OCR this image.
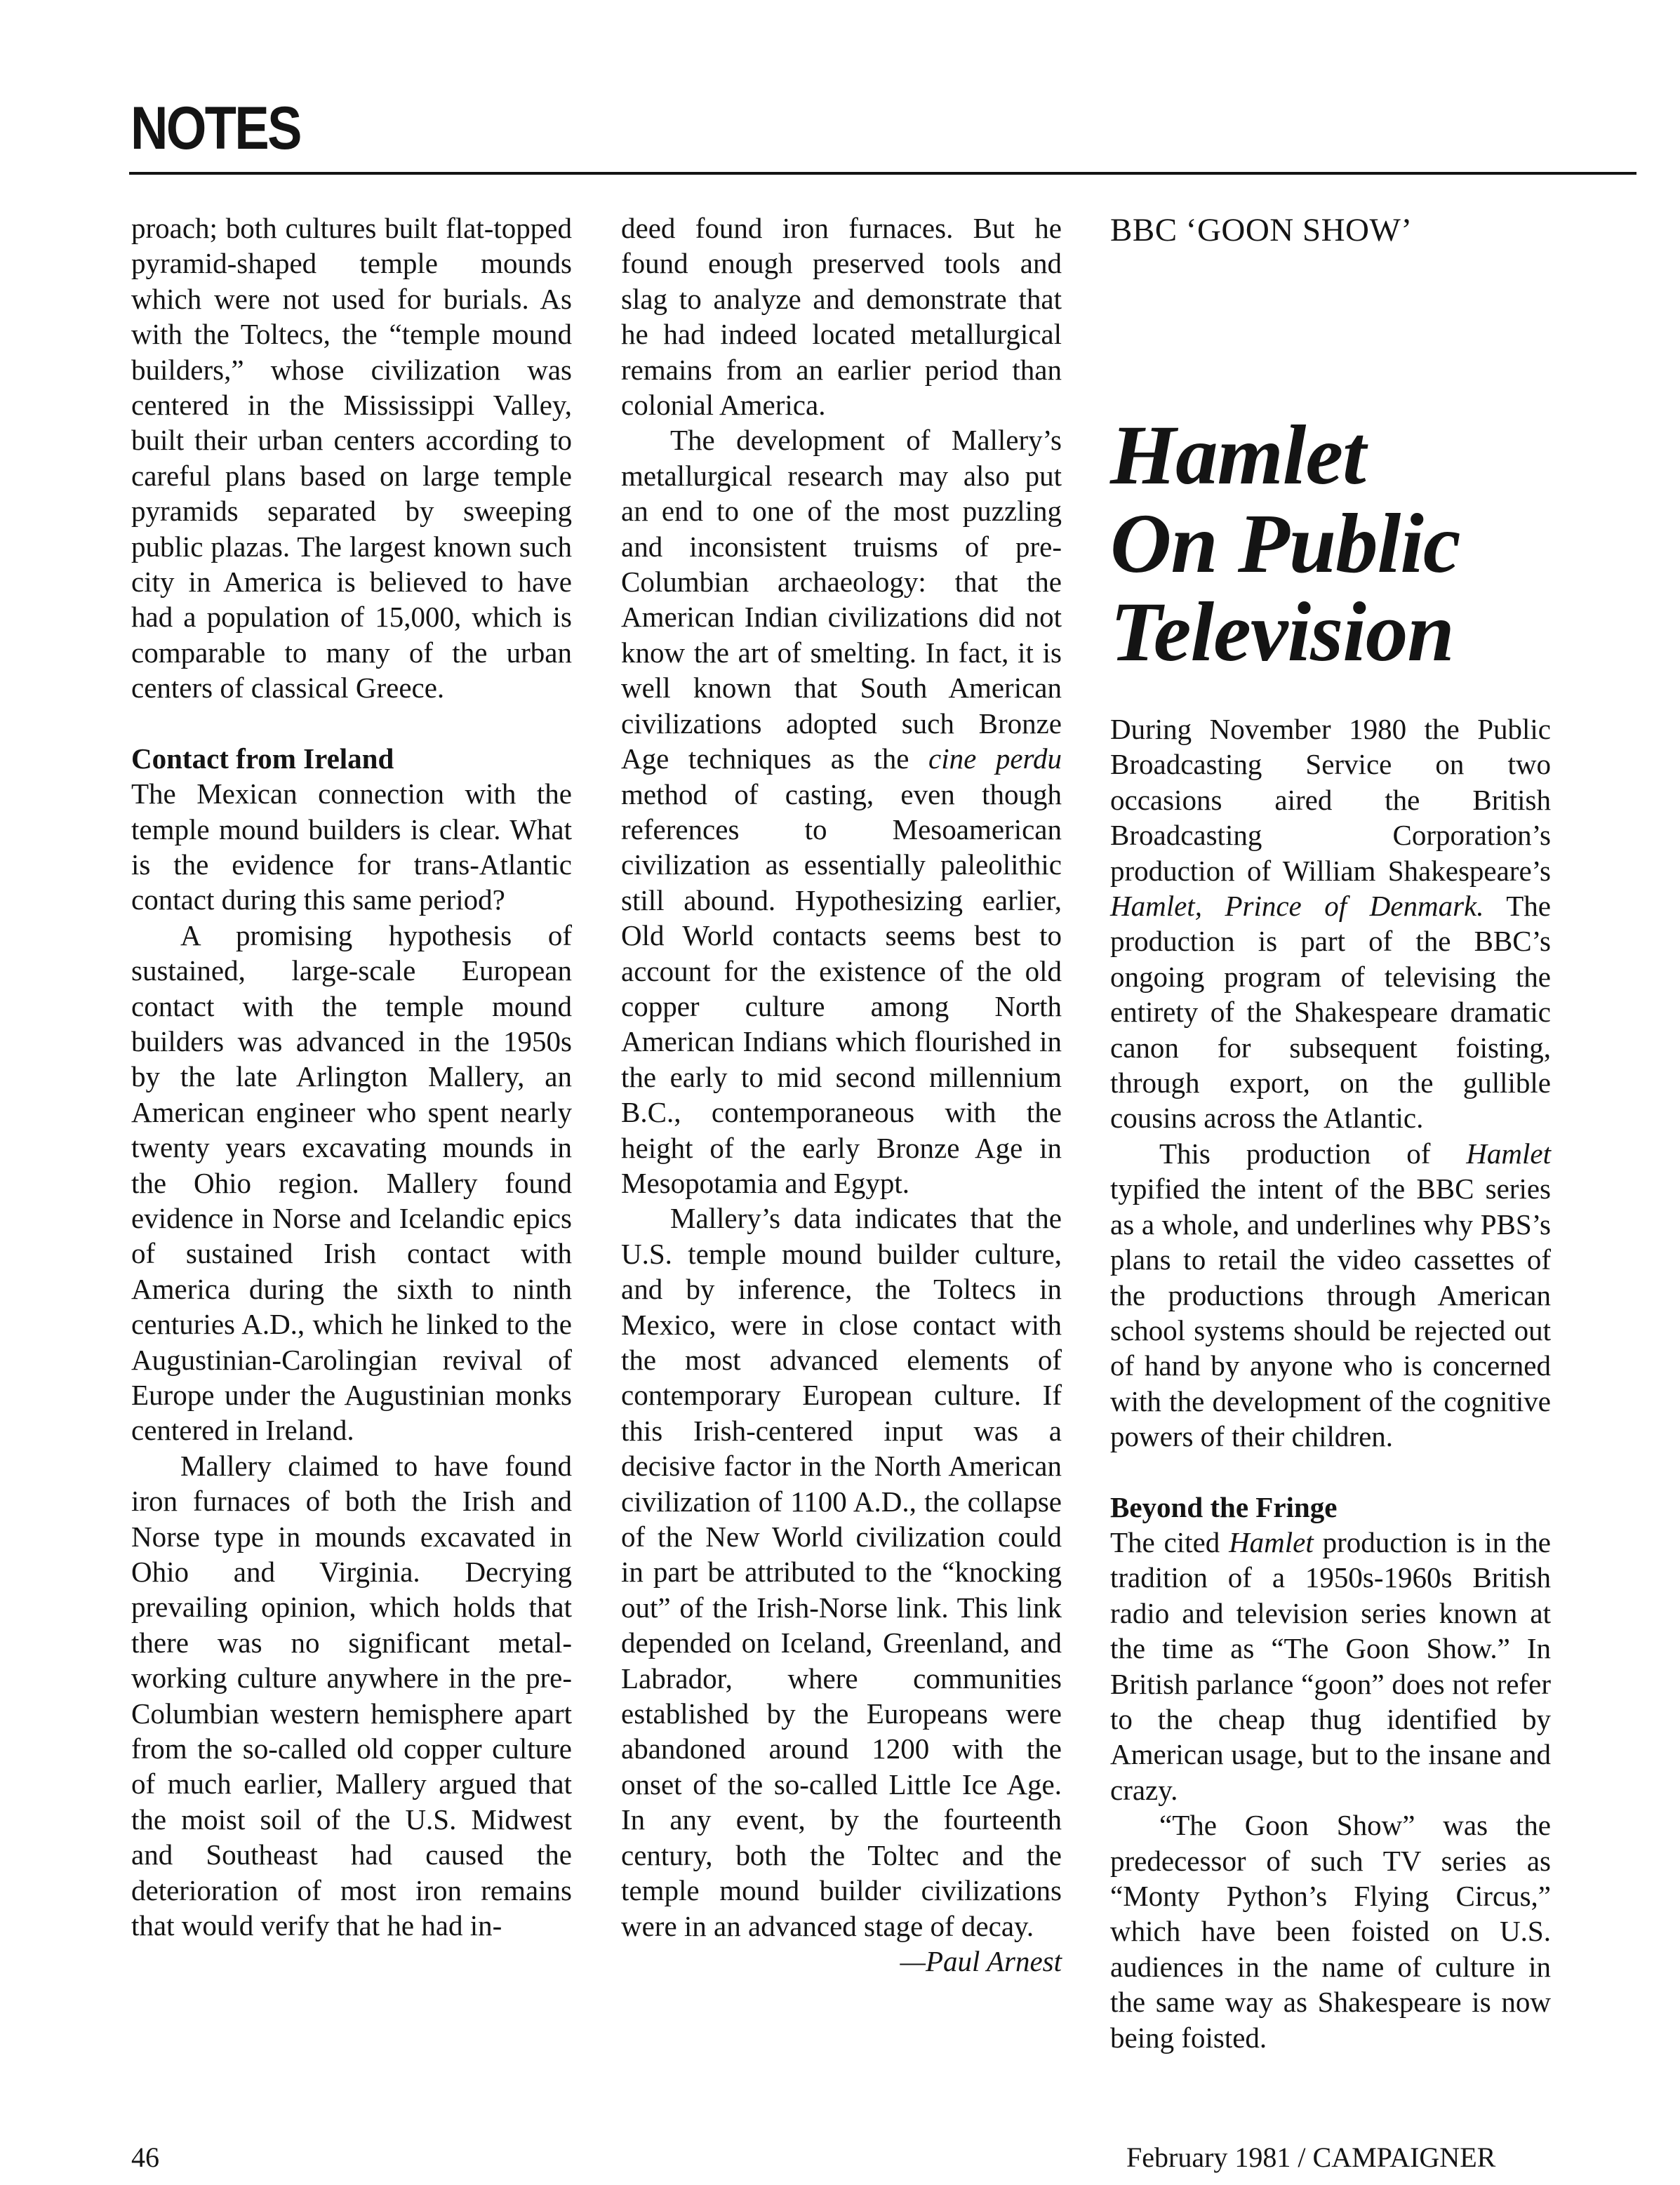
NOTES

proach; both cultures built flat-topped pyramid-shaped temple mounds which were not used for burials. As with the Toltecs, the “temple mound builders,” whose civilization was centered in the Mississippi Valley, built their urban centers according to careful plans based on large temple pyramids separated by sweeping public plazas. The largest known such city in America is believed to have had a population of 15,000, which is comparable to many of the urban centers of classical Greece.

Contact from Ireland

The Mexican connection with the temple mound builders is clear. What is the evidence for trans-Atlantic contact during this same period?

A promising hypothesis of sustained, large-scale European contact with the temple mound builders was advanced in the 1950s by the late Arlington Mallery, an American engineer who spent nearly twenty years excavating mounds in the Ohio region. Mallery found evidence in Norse and Icelandic epics of sustained Irish contact with America during the sixth to ninth centuries A.D., which he linked to the Augustinian-Carolingian revival of Europe under the Augustinian monks centered in Ireland.

Mallery claimed to have found iron furnaces of both the Irish and Norse type in mounds excavated in Ohio and Virginia. Decrying prevailing opinion, which holds that there was no significant metal-working culture anywhere in the pre-Columbian western hemisphere apart from the so-called old copper culture of much earlier, Mallery argued that the moist soil of the U.S. Midwest and Southeast had caused the deterioration of most iron remains that would verify that he had in-

deed found iron furnaces. But he found enough preserved tools and slag to analyze and demonstrate that he had indeed located metallurgical remains from an earlier period than colonial America.

The development of Mallery’s metallurgical research may also put an end to one of the most puzzling and inconsistent truisms of pre-Columbian archaeology: that the American Indian civilizations did not know the art of smelting. In fact, it is well known that South American civilizations adopted such Bronze Age techniques as the cine perdu method of casting, even though references to Mesoamerican civilization as essentially paleolithic still abound. Hypothesizing earlier, Old World contacts seems best to account for the existence of the old copper culture among North American Indians which flourished in the early to mid second millennium B.C., contemporaneous with the height of the early Bronze Age in Mesopotamia and Egypt.

Mallery’s data indicates that the U.S. temple mound builder culture, and by inference, the Toltecs in Mexico, were in close contact with the most advanced elements of contemporary European culture. If this Irish-centered input was a decisive factor in the North American civilization of 1100 A.D., the collapse of the New World civilization could in part be attributed to the “knocking out” of the Irish-Norse link. This link depended on Iceland, Greenland, and Labrador, where communities established by the Europeans were abandoned around 1200 with the onset of the so-called Little Ice Age. In any event, by the fourteenth century, both the Toltec and the temple mound builder civilizations were in an advanced stage of decay.

—Paul Arnest

BBC ‘GOON SHOW’

Hamlet
On Public
Television

During November 1980 the Public Broadcasting Service on two occasions aired the British Broadcasting Corporation’s production of William Shakespeare’s Hamlet, Prince of Denmark. The production is part of the BBC’s ongoing program of televising the entirety of the Shakespeare dramatic canon for subsequent foisting, through export, on the gullible cousins across the Atlantic.

This production of Hamlet typified the intent of the BBC series as a whole, and underlines why PBS’s plans to retail the video cassettes of the productions through American school systems should be rejected out of hand by anyone who is concerned with the development of the cognitive powers of their children.

Beyond the Fringe

The cited Hamlet production is in the tradition of a 1950s-1960s British radio and television series known at the time as “The Goon Show.” In British parlance “goon” does not refer to the cheap thug identified by American usage, but to the insane and crazy.

“The Goon Show” was the predecessor of such TV series as “Monty Python’s Flying Circus,” which have been foisted on U.S. audiences in the name of culture in the same way as Shakespeare is now being foisted.

46	February 1981 / CAMPAIGNER
